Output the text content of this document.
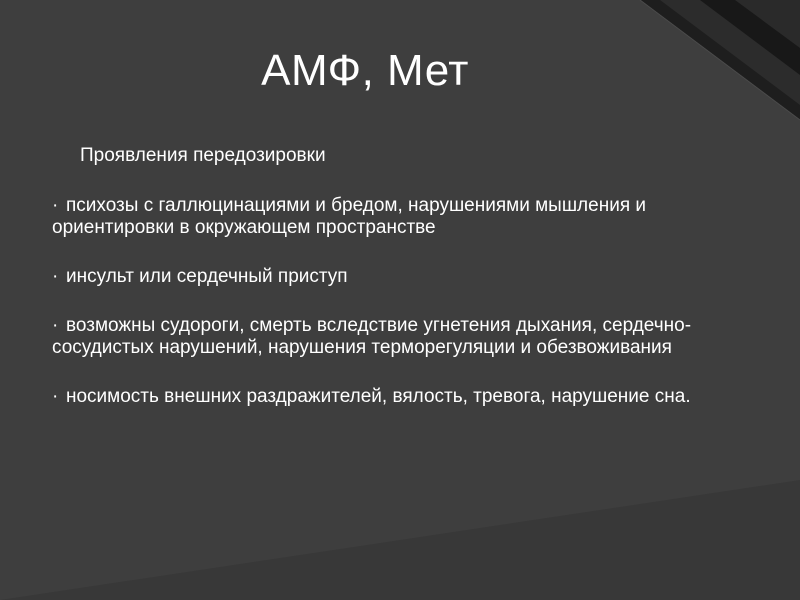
АМФ, Мет
Проявления передозировки
· психозы с галлюцинациями и бредом, нарушениями мышления и ориентировки в окружающем пространстве
· инсульт или сердечный приступ
· возможны судороги, смерть вследствие угнетения дыхания, сердечно-сосудистых нарушений, нарушения терморегуляции и обезвоживания
· носимость внешних раздражителей, вялость, тревога, нарушение сна.
